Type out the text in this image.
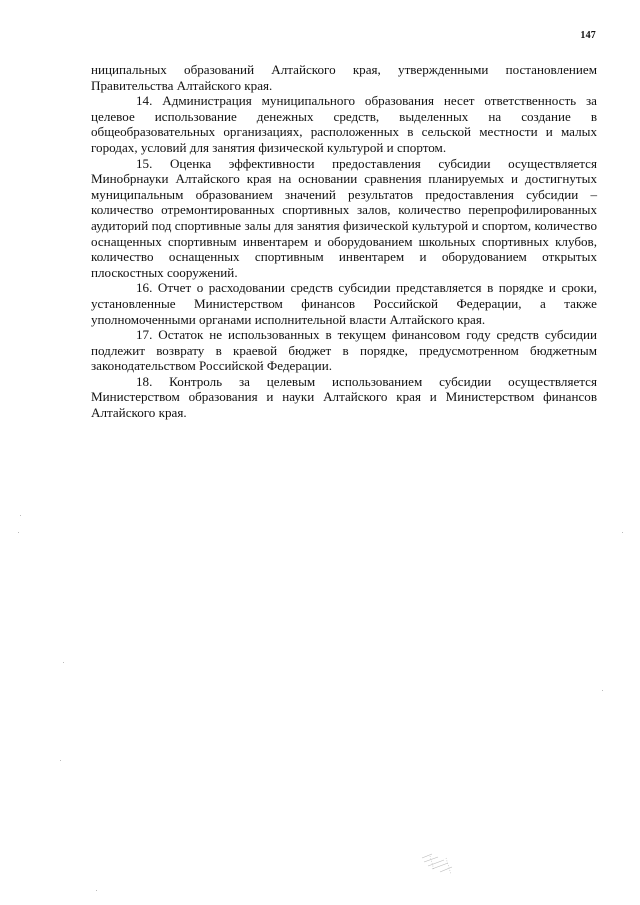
147

ниципальных образований Алтайского края, утвержденными постановлением Правительства Алтайского края.

14. Администрация муниципального образования несет ответственность за целевое использование денежных средств, выделенных на создание в общеобразовательных организациях, расположенных в сельской местности и малых городах, условий для занятия физической культурой и спортом.

15. Оценка эффективности предоставления субсидии осуществляется Минобрнауки Алтайского края на основании сравнения планируемых и достигнутых муниципальным образованием значений результатов предоставления субсидии – количество отремонтированных спортивных залов, количество перепрофилированных аудиторий под спортивные залы для занятия физической культурой и спортом, количество оснащенных спортивным инвентарем и оборудованием школьных спортивных клубов, количество оснащенных спортивным инвентарем и оборудованием открытых плоскостных сооружений.

16. Отчет о расходовании средств субсидии представляется в порядке и сроки, установленные Министерством финансов Российской Федерации, а также уполномоченными органами исполнительной власти Алтайского края.

17. Остаток не использованных в текущем финансовом году средств субсидии подлежит возврату в краевой бюджет в порядке, предусмотренном бюджетным законодательством Российской Федерации.

18. Контроль за целевым использованием субсидии осуществляется Министерством образования и науки Алтайского края и Министерством финансов Алтайского края.
